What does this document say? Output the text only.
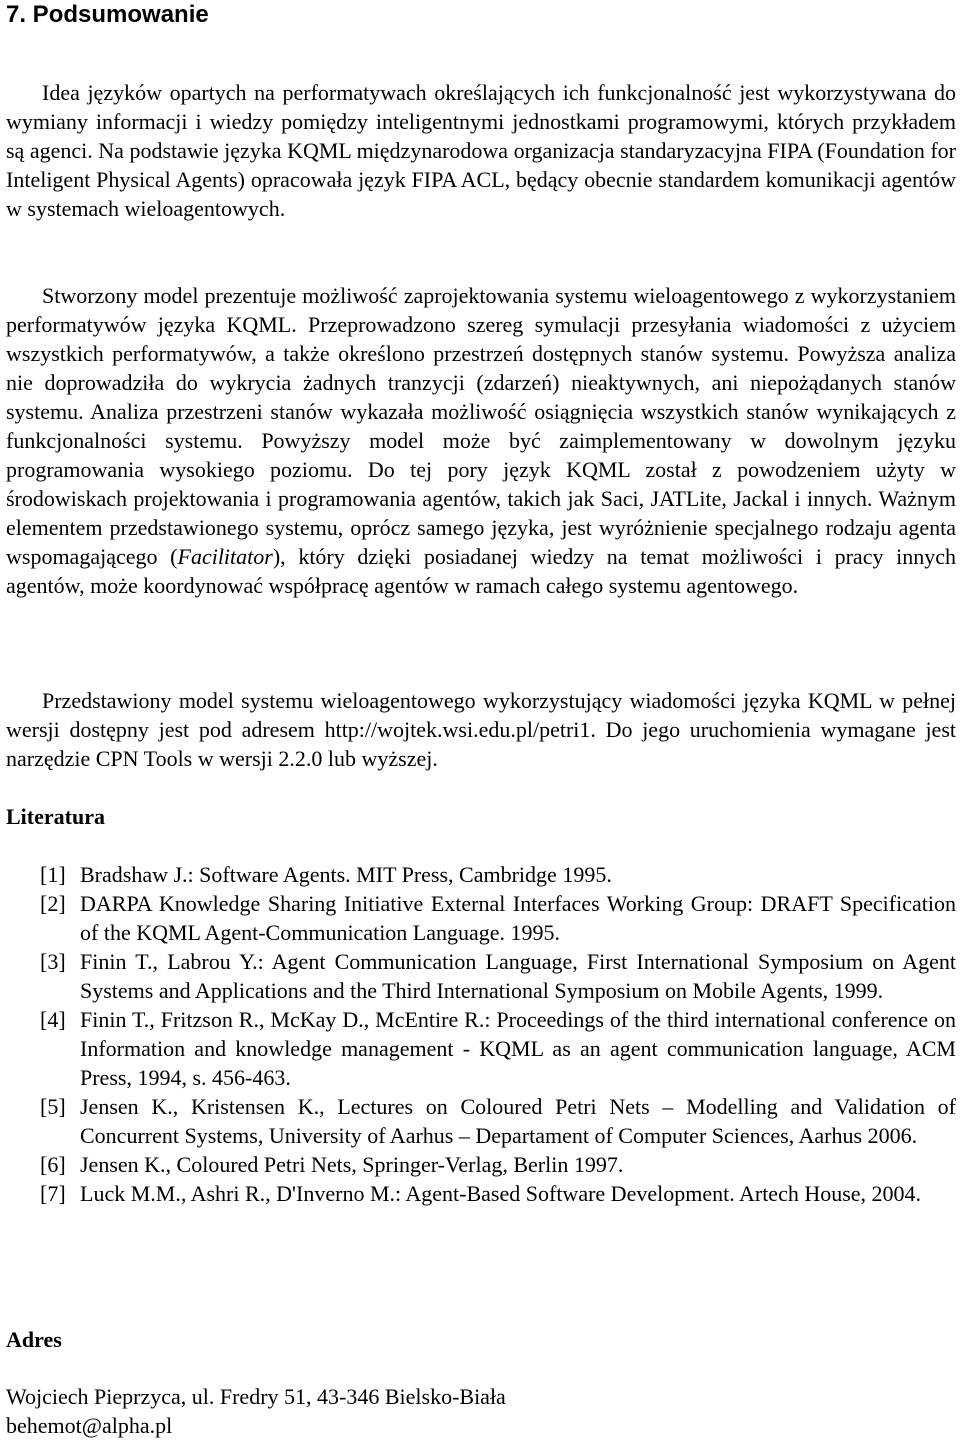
7. Podsumowanie

Idea języków opartych na performatywach określających ich funkcjonalność jest wykorzystywana do wymiany informacji i wiedzy pomiędzy inteligentnymi jednostkami programowymi, których przykładem są agenci. Na podstawie języka KQML międzynarodowa organizacja standaryzacyjna FIPA (Foundation for Inteligent Physical Agents) opracowała język FIPA ACL, będący obecnie standardem komunikacji agentów w systemach wieloagentowych.

Stworzony model prezentuje możliwość zaprojektowania systemu wieloagentowego z wykorzystaniem performatywów języka KQML. Przeprowadzono szereg symulacji przesyłania wiadomości z użyciem wszystkich performatywów, a także określono przestrzeń dostępnych stanów systemu. Powyższa analiza nie doprowadziła do wykrycia żadnych tranzycji (zdarzeń) nieaktywnych, ani niepożądanych stanów systemu. Analiza przestrzeni stanów wykazała możliwość osiągnięcia wszystkich stanów wynikających z funkcjonalności systemu. Powyższy model może być zaimplementowany w dowolnym języku programowania wysokiego poziomu. Do tej pory język KQML został z powodzeniem użyty w środowiskach projektowania i programowania agentów, takich jak Saci, JATLite, Jackal i innych. Ważnym elementem przedstawionego systemu, oprócz samego języka, jest wyróżnienie specjalnego rodzaju agenta wspomagającego (Facilitator), który dzięki posiadanej wiedzy na temat możliwości i pracy innych agentów, może koordynować współpracę agentów w ramach całego systemu agentowego.

Przedstawiony model systemu wieloagentowego wykorzystujący wiadomości języka KQML w pełnej wersji dostępny jest pod adresem http://wojtek.wsi.edu.pl/petri1. Do jego uruchomienia wymagane jest narzędzie CPN Tools w wersji 2.2.0 lub wyższej.

Literatura
[1] Bradshaw J.: Software Agents. MIT Press, Cambridge 1995.
[2] DARPA Knowledge Sharing Initiative External Interfaces Working Group: DRAFT Specification of the KQML Agent-Communication Language. 1995.
[3] Finin T., Labrou Y.: Agent Communication Language, First International Symposium on Agent Systems and Applications and the Third International Symposium on Mobile Agents, 1999.
[4] Finin T., Fritzson R., McKay D., McEntire R.: Proceedings of the third international conference on Information and knowledge management - KQML as an agent communication language, ACM Press, 1994, s. 456-463.
[5] Jensen K., Kristensen K., Lectures on Coloured Petri Nets – Modelling and Validation of Concurrent Systems, University of Aarhus – Departament of Computer Sciences, Aarhus 2006.
[6] Jensen K., Coloured Petri Nets, Springer-Verlag, Berlin 1997.
[7] Luck M.M., Ashri R., D'Inverno M.: Agent-Based Software Development. Artech House, 2004.
Adres

Wojciech Pieprzyca, ul. Fredry 51, 43-346 Bielsko-Biała
behemot@alpha.pl
